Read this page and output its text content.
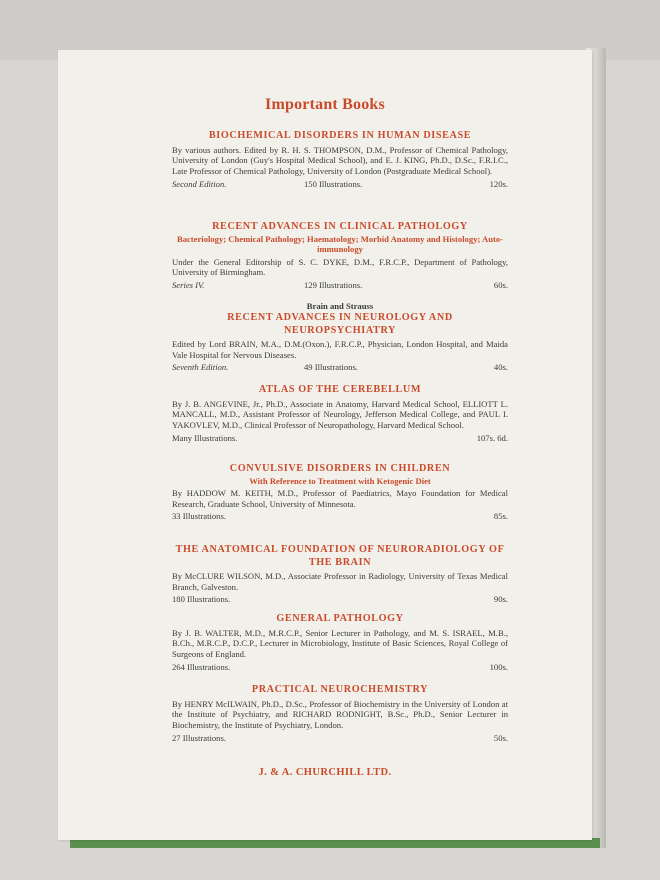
Important Books
BIOCHEMICAL DISORDERS IN HUMAN DISEASE
By various authors. Edited by R. H. S. THOMPSON, D.M., Professor of Chemical Pathology, University of London (Guy's Hospital Medical School), and E. J. KING, Ph.D., D.Sc., F.R.I.C., Late Professor of Chemical Pathology, University of London (Postgraduate Medical School).
Second Edition.	150 Illustrations.	120s.
RECENT ADVANCES IN CLINICAL PATHOLOGY
Bacteriology; Chemical Pathology; Haematology; Morbid Anatomy and Histology; Auto-immunology
Under the General Editorship of S. C. DYKE, D.M., F.R.C.P., Department of Pathology, University of Birmingham.
Series IV.	129 Illustrations.	60s.
Brain and Strauss
RECENT ADVANCES IN NEUROLOGY AND NEUROPSYCHIATRY
Edited by Lord BRAIN, M.A., D.M.(Oxon.), F.R.C.P., Physician, London Hospital, and Maida Vale Hospital for Nervous Diseases.
Seventh Edition.	49 Illustrations.	40s.
ATLAS OF THE CEREBELLUM
By J. B. ANGEVINE, Jr., Ph.D., Associate in Anatomy, Harvard Medical School, ELLIOTT L. MANCALL, M.D., Assistant Professor of Neurology, Jefferson Medical College, and PAUL I. YAKOVLEV, M.D., Clinical Professor of Neuropathology, Harvard Medical School.
Many Illustrations.	107s. 6d.
CONVULSIVE DISORDERS IN CHILDREN
With Reference to Treatment with Ketogenic Diet
By HADDOW M. KEITH, M.D., Professor of Paediatrics, Mayo Foundation for Medical Research, Graduate School, University of Minnesota.
33 Illustrations.	85s.
THE ANATOMICAL FOUNDATION OF NEURORADIOLOGY OF THE BRAIN
By McCLURE WILSON, M.D., Associate Professor in Radiology, University of Texas Medical Branch, Galveston.
180 Illustrations.	90s.
GENERAL PATHOLOGY
By J. B. WALTER, M.D., M.R.C.P., Senior Lecturer in Pathology, and M. S. ISRAEL, M.B., B.Ch., M.R.C.P., D.C.P., Lecturer in Microbiology, Institute of Basic Sciences, Royal College of Surgeons of England.
264 Illustrations.	100s.
PRACTICAL NEUROCHEMISTRY
By HENRY McILWAIN, Ph.D., D.Sc., Professor of Biochemistry in the University of London at the Institute of Psychiatry, and RICHARD RODNIGHT, B.Sc., Ph.D., Senior Lecturer in Biochemistry, the Institute of Psychiatry, London.
27 Illustrations.	50s.
J. & A. CHURCHILL LTD.
